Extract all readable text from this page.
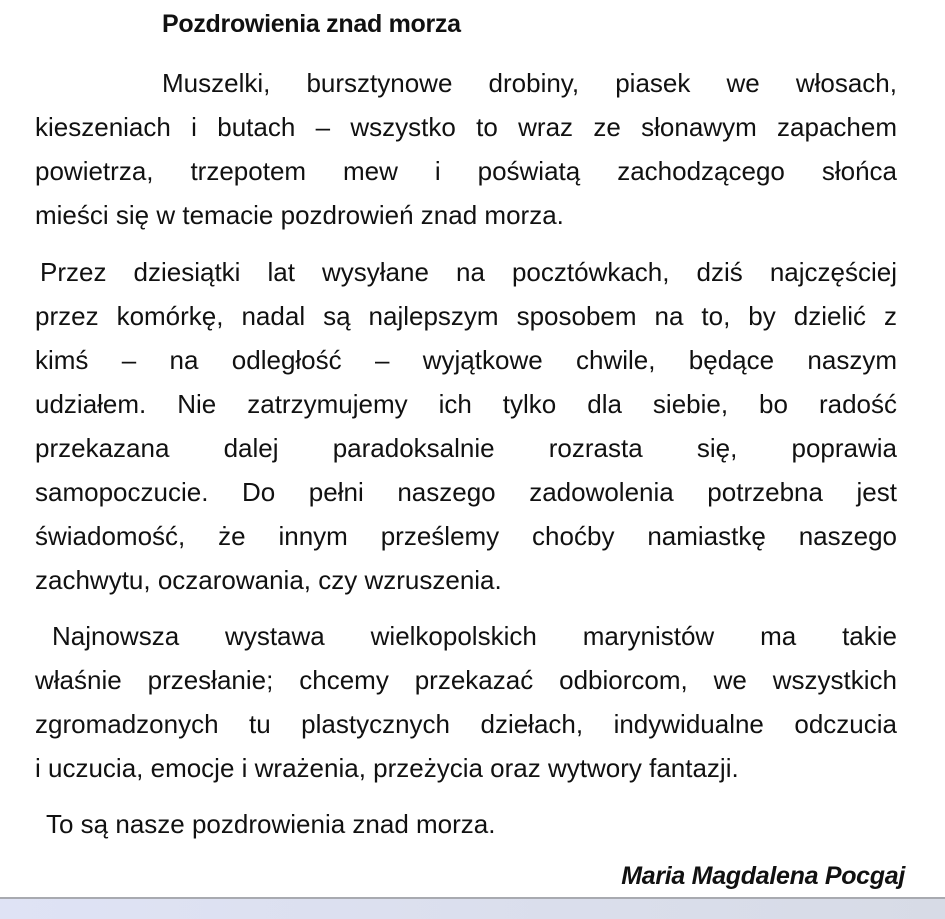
Pozdrowienia znad morza
Muszelki, bursztynowe drobiny, piasek we włosach,
kieszeniach i butach – wszystko to wraz ze słonawym zapachem
powietrza, trzepotem mew i poświatą zachodzącego słońca
mieści się w temacie pozdrowień znad morza.
Przez dziesiątki lat wysyłane na pocztówkach, dziś najczęściej
przez komórkę, nadal są najlepszym sposobem na to, by dzielić z
kimś – na odległość – wyjątkowe chwile, będące naszym
udziałem. Nie zatrzymujemy ich tylko dla siebie, bo radość
przekazana dalej paradoksalnie rozrasta się, poprawia
samopoczucie. Do pełni naszego zadowolenia potrzebna jest
świadomość, że innym prześlemy choćby namiastkę naszego
zachwytu, oczarowania, czy wzruszenia.
Najnowsza wystawa wielkopolskich marynistów ma takie
właśnie przesłanie; chcemy przekazać odbiorcom, we wszystkich
zgromadzonych tu plastycznych dziełach, indywidualne odczucia
i uczucia, emocje i wrażenia, przeżycia oraz wytwory fantazji.
To są nasze pozdrowienia znad morza.
Maria Magdalena Pocgaj
